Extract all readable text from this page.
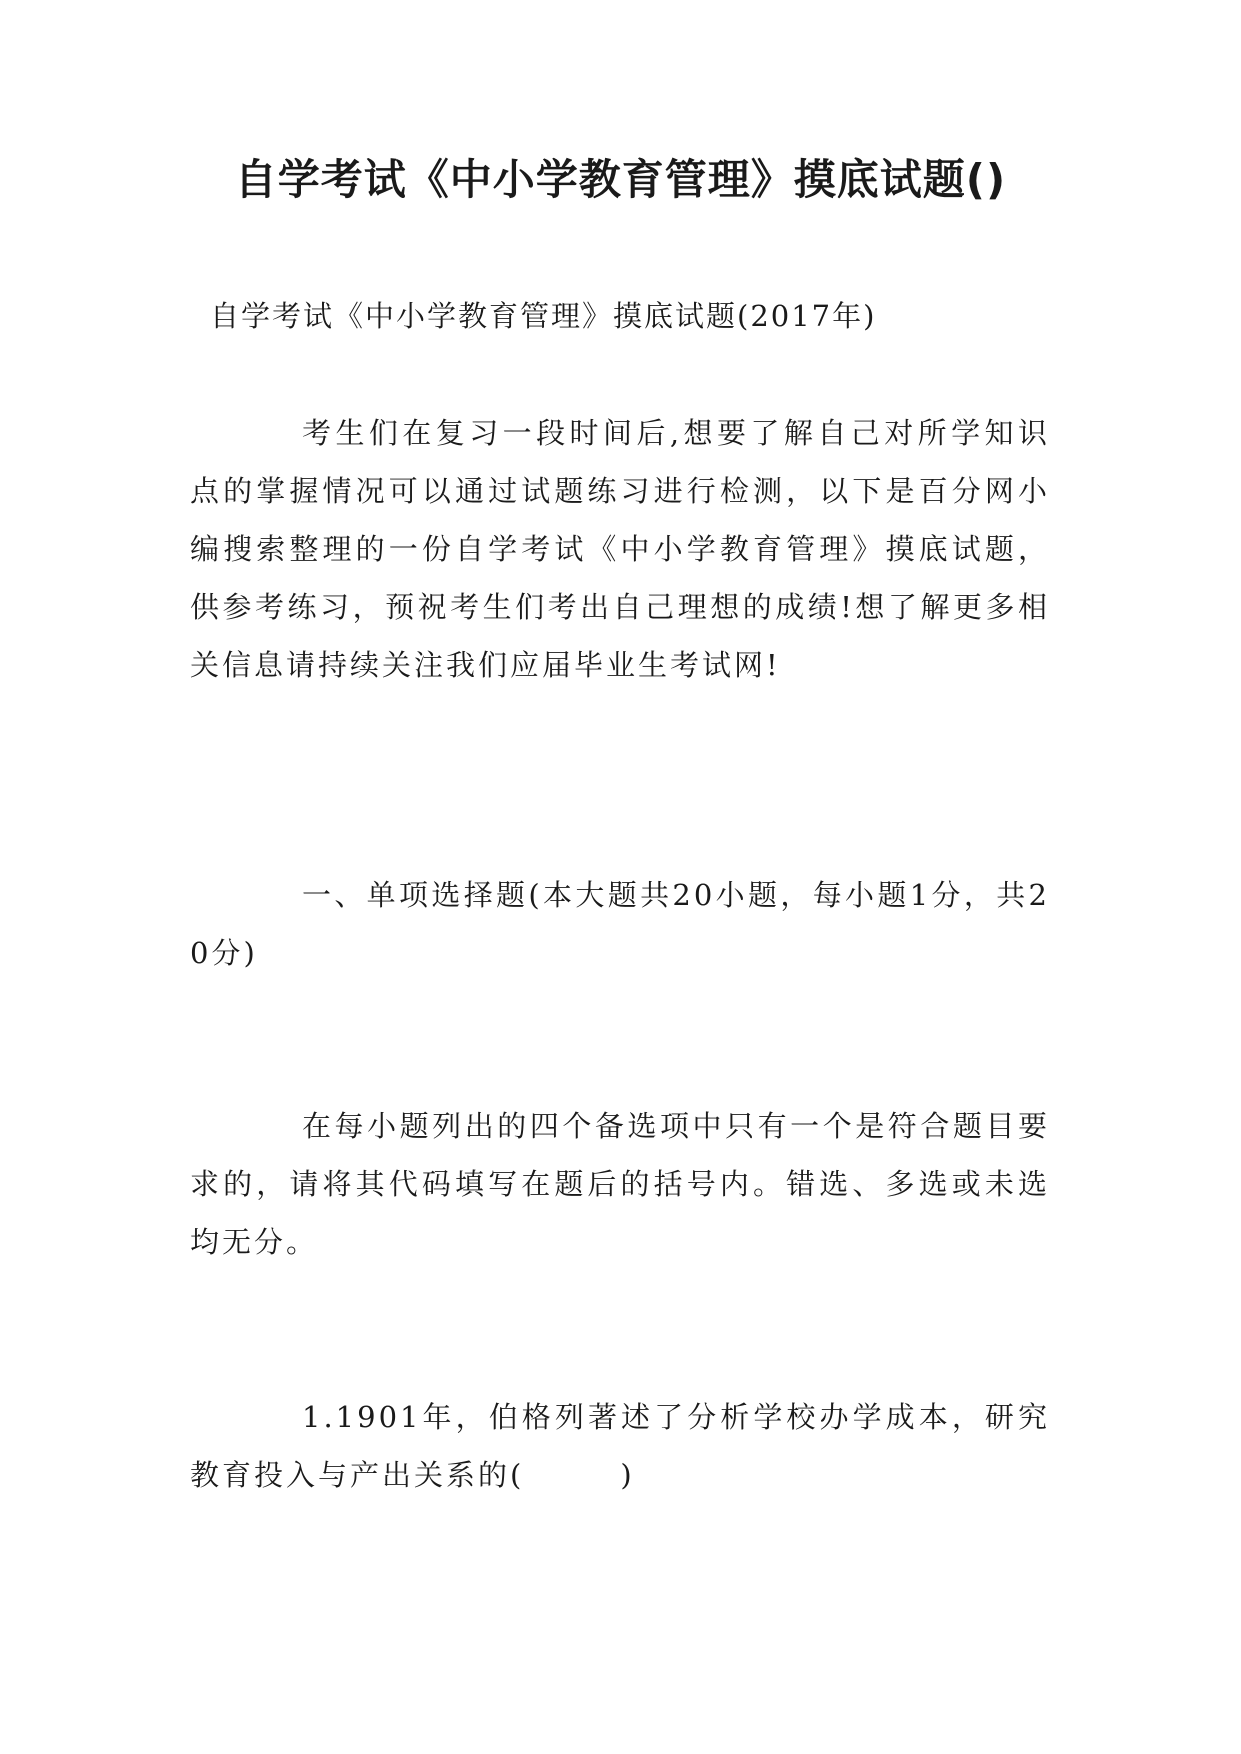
自学考试《中小学教育管理》摸底试题()

自学考试《中小学教育管理》摸底试题(2017年)

考生们在复习一段时间后,想要了解自己对所学知识点的掌握情况可以通过试题练习进行检测，以下是百分网小编搜索整理的一份自学考试《中小学教育管理》摸底试题，供参考练习，预祝考生们考出自己理想的成绩!想了解更多相关信息请持续关注我们应届毕业生考试网!

一、单项选择题(本大题共20小题，每小题1分，共20分)

在每小题列出的四个备选项中只有一个是符合题目要求的，请将其代码填写在题后的括号内。错选、多选或未选均无分。

1.1901年，伯格列著述了分析学校办学成本，研究教育投入与产出关系的(　　　)
